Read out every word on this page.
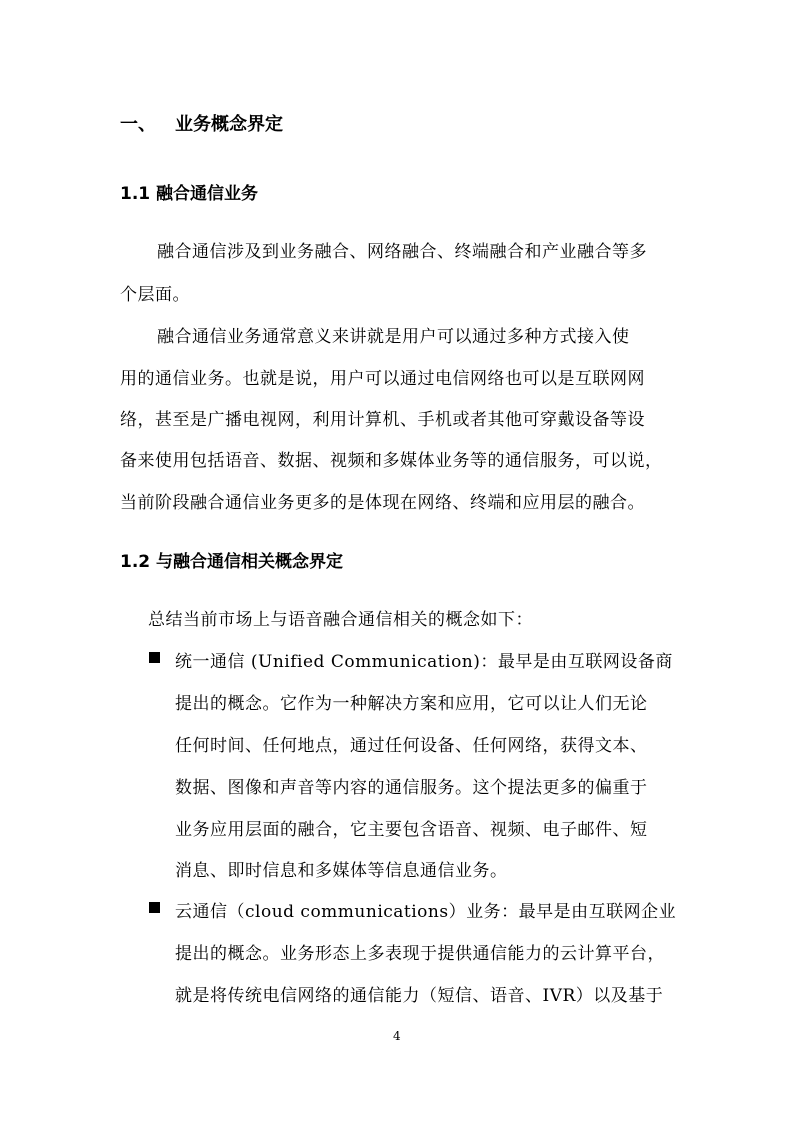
一、 业务概念界定
1.1 融合通信业务
融合通信涉及到业务融合、网络融合、终端融合和产业融合等多
个层面。
融合通信业务通常意义来讲就是用户可以通过多种方式接入使
用的通信业务。也就是说，用户可以通过电信网络也可以是互联网网
络，甚至是广播电视网，利用计算机、手机或者其他可穿戴设备等设
备来使用包括语音、数据、视频和多媒体业务等的通信服务，可以说，
当前阶段融合通信业务更多的是体现在网络、终端和应用层的融合。
1.2 与融合通信相关概念界定
总结当前市场上与语音融合通信相关的概念如下：
统一通信 (Unified Communication)：最早是由互联网设备商
提出的概念。它作为一种解决方案和应用，它可以让人们无论
任何时间、任何地点，通过任何设备、任何网络，获得文本、
数据、图像和声音等内容的通信服务。这个提法更多的偏重于
业务应用层面的融合，它主要包含语音、视频、电子邮件、短
消息、即时信息和多媒体等信息通信业务。
云通信（cloud communications）业务：最早是由互联网企业
提出的概念。业务形态上多表现于提供通信能力的云计算平台，
就是将传统电信网络的通信能力（短信、语音、IVR）以及基于
4
